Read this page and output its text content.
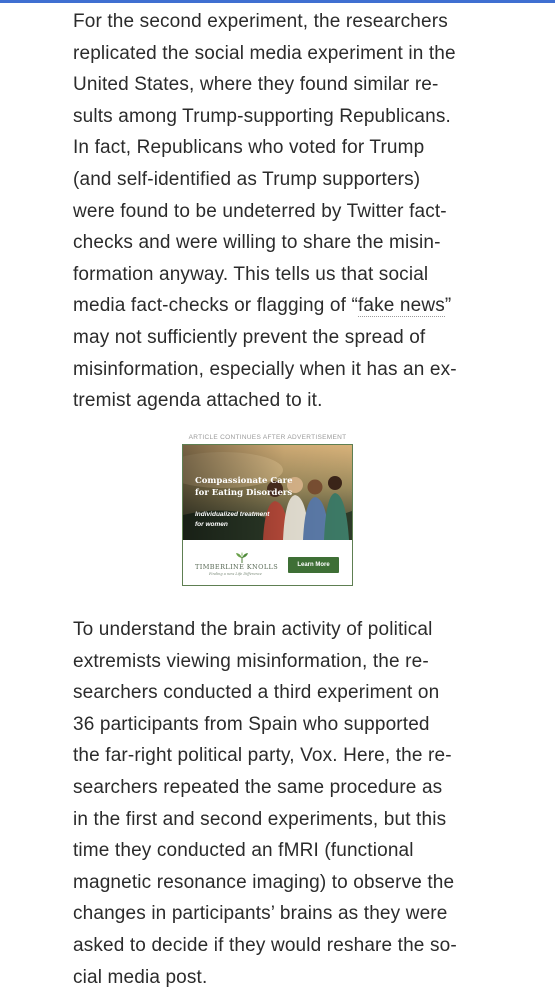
For the second experiment, the researchers
replicated the social media experiment in the
United States, where they found similar re-
sults among Trump-supporting Republicans.
In fact, Republicans who voted for Trump
(and self-identified as Trump supporters)
were found to be undeterred by Twitter fact-
checks and were willing to share the misin-
formation anyway. This tells us that social
media fact-checks or flagging of “fake news”
may not sufficiently prevent the spread of
misinformation, especially when it has an ex-
tremist agenda attached to it.

ARTICLE CONTINUES AFTER ADVERTISEMENT
Compassionate Care
for Eating Disorders
Individualized treatment
for women
TIMBERLINE KNOLLS
Finding a new Life Difference
Learn More

To understand the brain activity of political
extremists viewing misinformation, the re-
searchers conducted a third experiment on
36 participants from Spain who supported
the far-right political party, Vox. Here, the re-
searchers repeated the same procedure as
in the first and second experiments, but this
time they conducted an fMRI (functional
magnetic resonance imaging) to observe the
changes in participants’ brains as they were
asked to decide if they would reshare the so-
cial media post.
